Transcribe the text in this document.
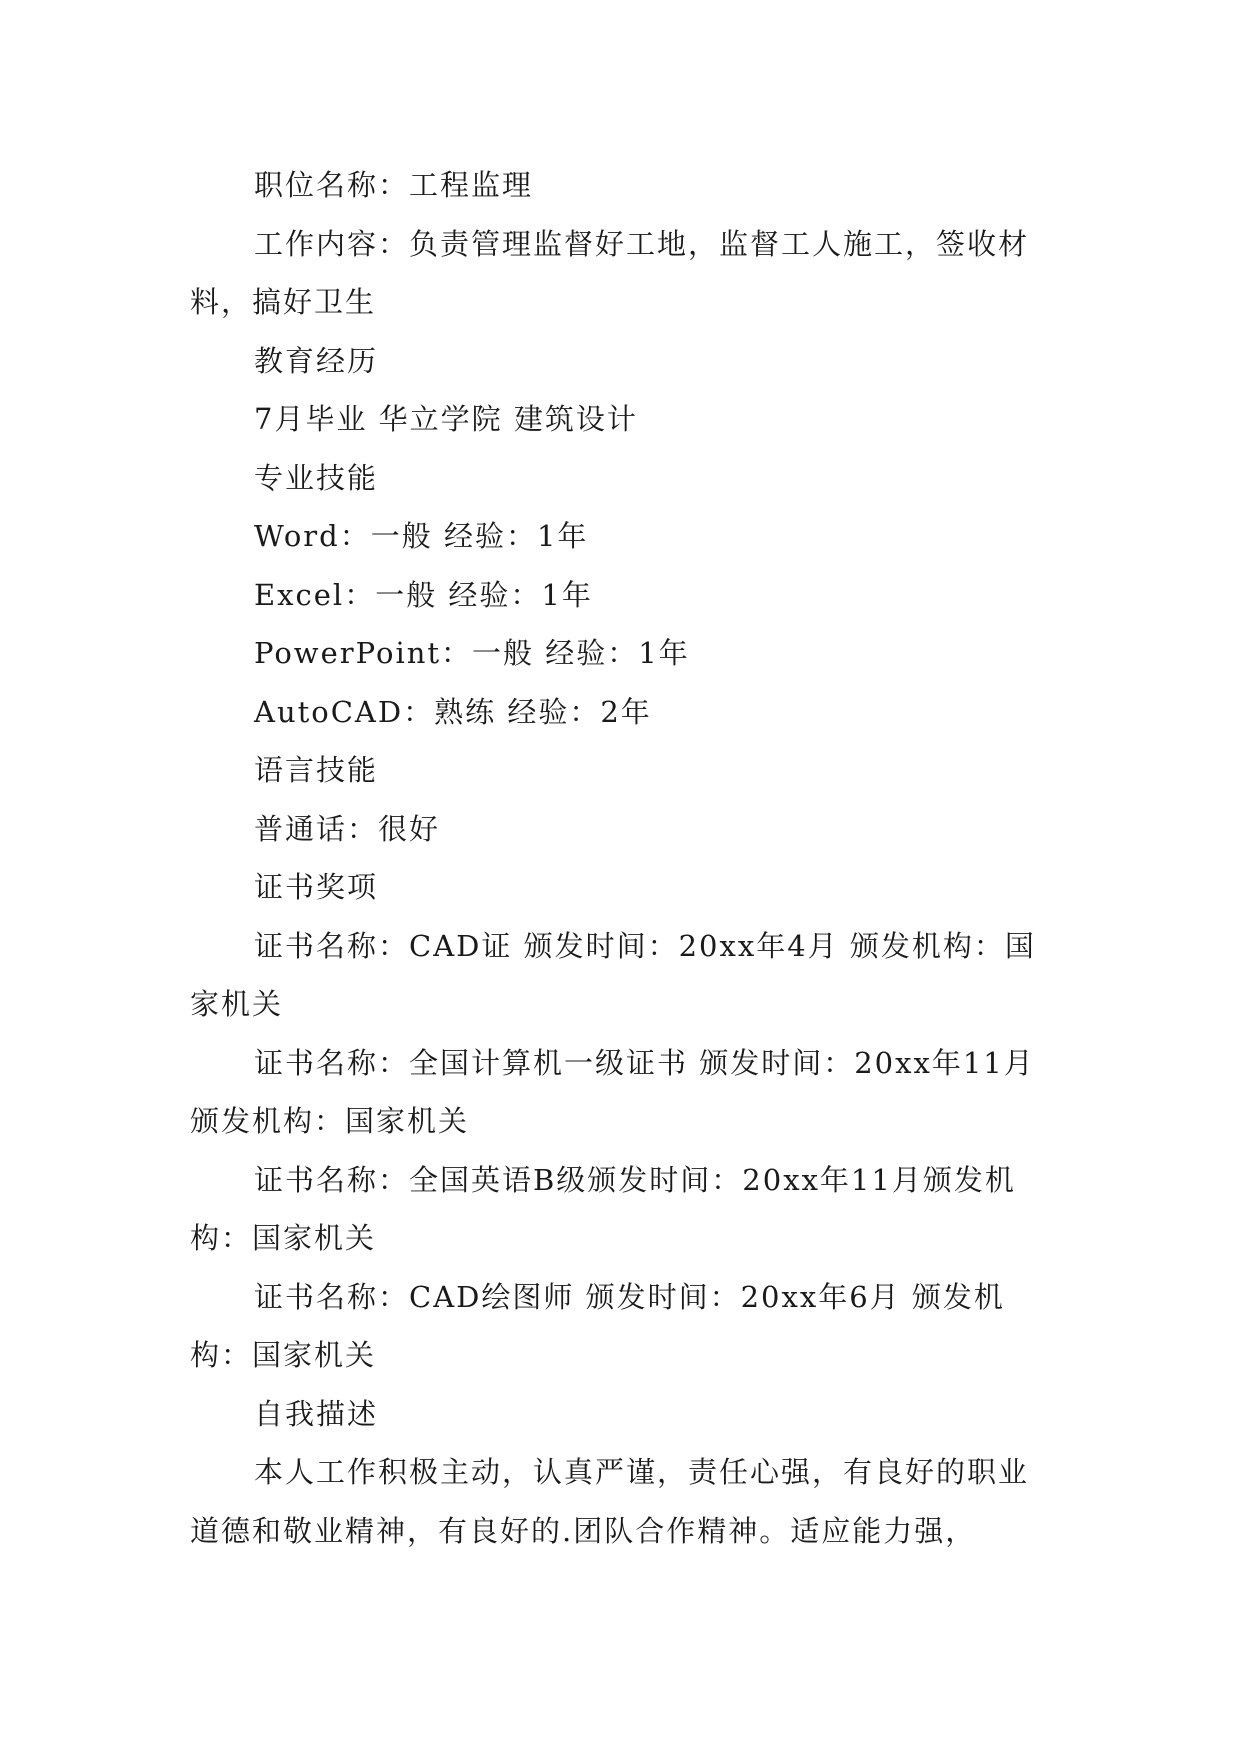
职位名称：工程监理

工作内容：负责管理监督好工地，监督工人施工，签收材料，搞好卫生

教育经历

7月毕业 华立学院 建筑设计

专业技能

Word：一般 经验：1年

Excel：一般 经验：1年

PowerPoint：一般 经验：1年

AutoCAD：熟练 经验：2年

语言技能

普通话：很好

证书奖项

证书名称：CAD证 颁发时间：20xx年4月 颁发机构：国家机关

证书名称：全国计算机一级证书 颁发时间：20xx年11月 颁发机构：国家机关

证书名称：全国英语B级颁发时间：20xx年11月颁发机构：国家机关

证书名称：CAD绘图师 颁发时间：20xx年6月 颁发机构：国家机关

自我描述

本人工作积极主动，认真严谨，责任心强，有良好的职业道德和敬业精神，有良好的.团队合作精神。适应能力强，
